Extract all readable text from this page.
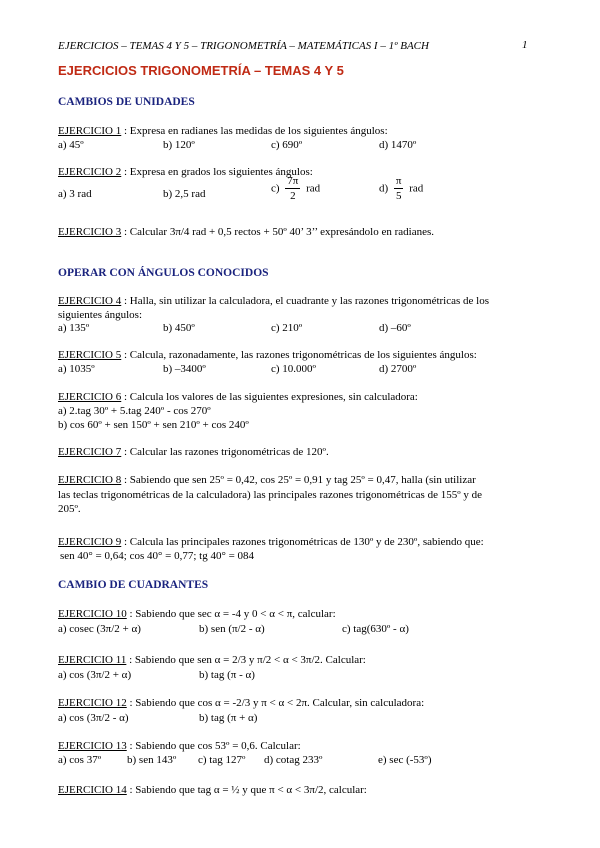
EJERCICIOS – TEMAS 4 Y 5 – TRIGONOMETRÍA – MATEMÁTICAS I – 1º BACH	1
EJERCICIOS TRIGONOMETRÍA – TEMAS 4 Y 5
CAMBIOS DE UNIDADES
EJERCICIO 1 : Expresa en radianes las medidas de los siguientes ángulos:
a) 45º	b) 120º	c) 690º	d) 1470º
EJERCICIO 2 : Expresa en grados los siguientes ángulos:
a) 3 rad	b) 2,5 rad	$c) \frac{7\pi}{2}$ rad	$d) \frac{\pi}{5}$ rad
EJERCICIO 3 : Calcular 3π/4 rad + 0,5 rectos + 50º 40’ 3’’ expresándolo en radianes.
OPERAR CON ÁNGULOS CONOCIDOS
EJERCICIO 4 : Halla, sin utilizar la calculadora, el cuadrante y las razones trigonométricas de los
siguientes ángulos:
a) 135º	b) 450º	c) 210º	d) –60º
EJERCICIO 5 : Calcula, razonadamente, las razones trigonométricas de los siguientes ángulos:
a) 1035º	b) –3400º	c) 10.000º	d) 2700º
EJERCICIO 6 : Calcula los valores de las siguientes expresiones, sin calculadora:
a) 2.tag 30º + 5.tag 240º - cos 270º
b) cos 60º + sen 150º + sen 210º + cos 240º
EJERCICIO 7 : Calcular las razones trigonométricas de 120º.
EJERCICIO 8 : Sabiendo que sen 25º = 0,42, cos 25º = 0,91 y tag 25º = 0,47, halla (sin utilizar
las teclas trigonométricas de la calculadora) las principales razones trigonométricas de 155º y de
205º.
EJERCICIO 9 : Calcula las principales razones trigonométricas de 130º y de 230º, sabiendo que:
sen 40° = 0,64; cos 40° = 0,77; tg 40° = 084
CAMBIO DE CUADRANTES
EJERCICIO 10 : Sabiendo que sec α = -4 y 0 < α < π, calcular:
a) cosec (3π/2 + α)	b) sen (π/2 - α)	c) tag(630º - α)
EJERCICIO 11 : Sabiendo que sen α = 2/3 y π/2 < α < 3π/2. Calcular:
a) cos (3π/2 + α)	b) tag (π - α)
EJERCICIO 12 : Sabiendo que cos α = -2/3 y π < α < 2π. Calcular, sin calculadora:
a) cos (3π/2 - α)	b) tag (π + α)
EJERCICIO 13 : Sabiendo que cos 53º = 0,6. Calcular:
a) cos 37º b) sen 143º c) tag 127º d) cotag 233º	e) sec (-53º)
EJERCICIO 14 : Sabiendo que tag α = ½ y que π < α < 3π/2, calcular:
